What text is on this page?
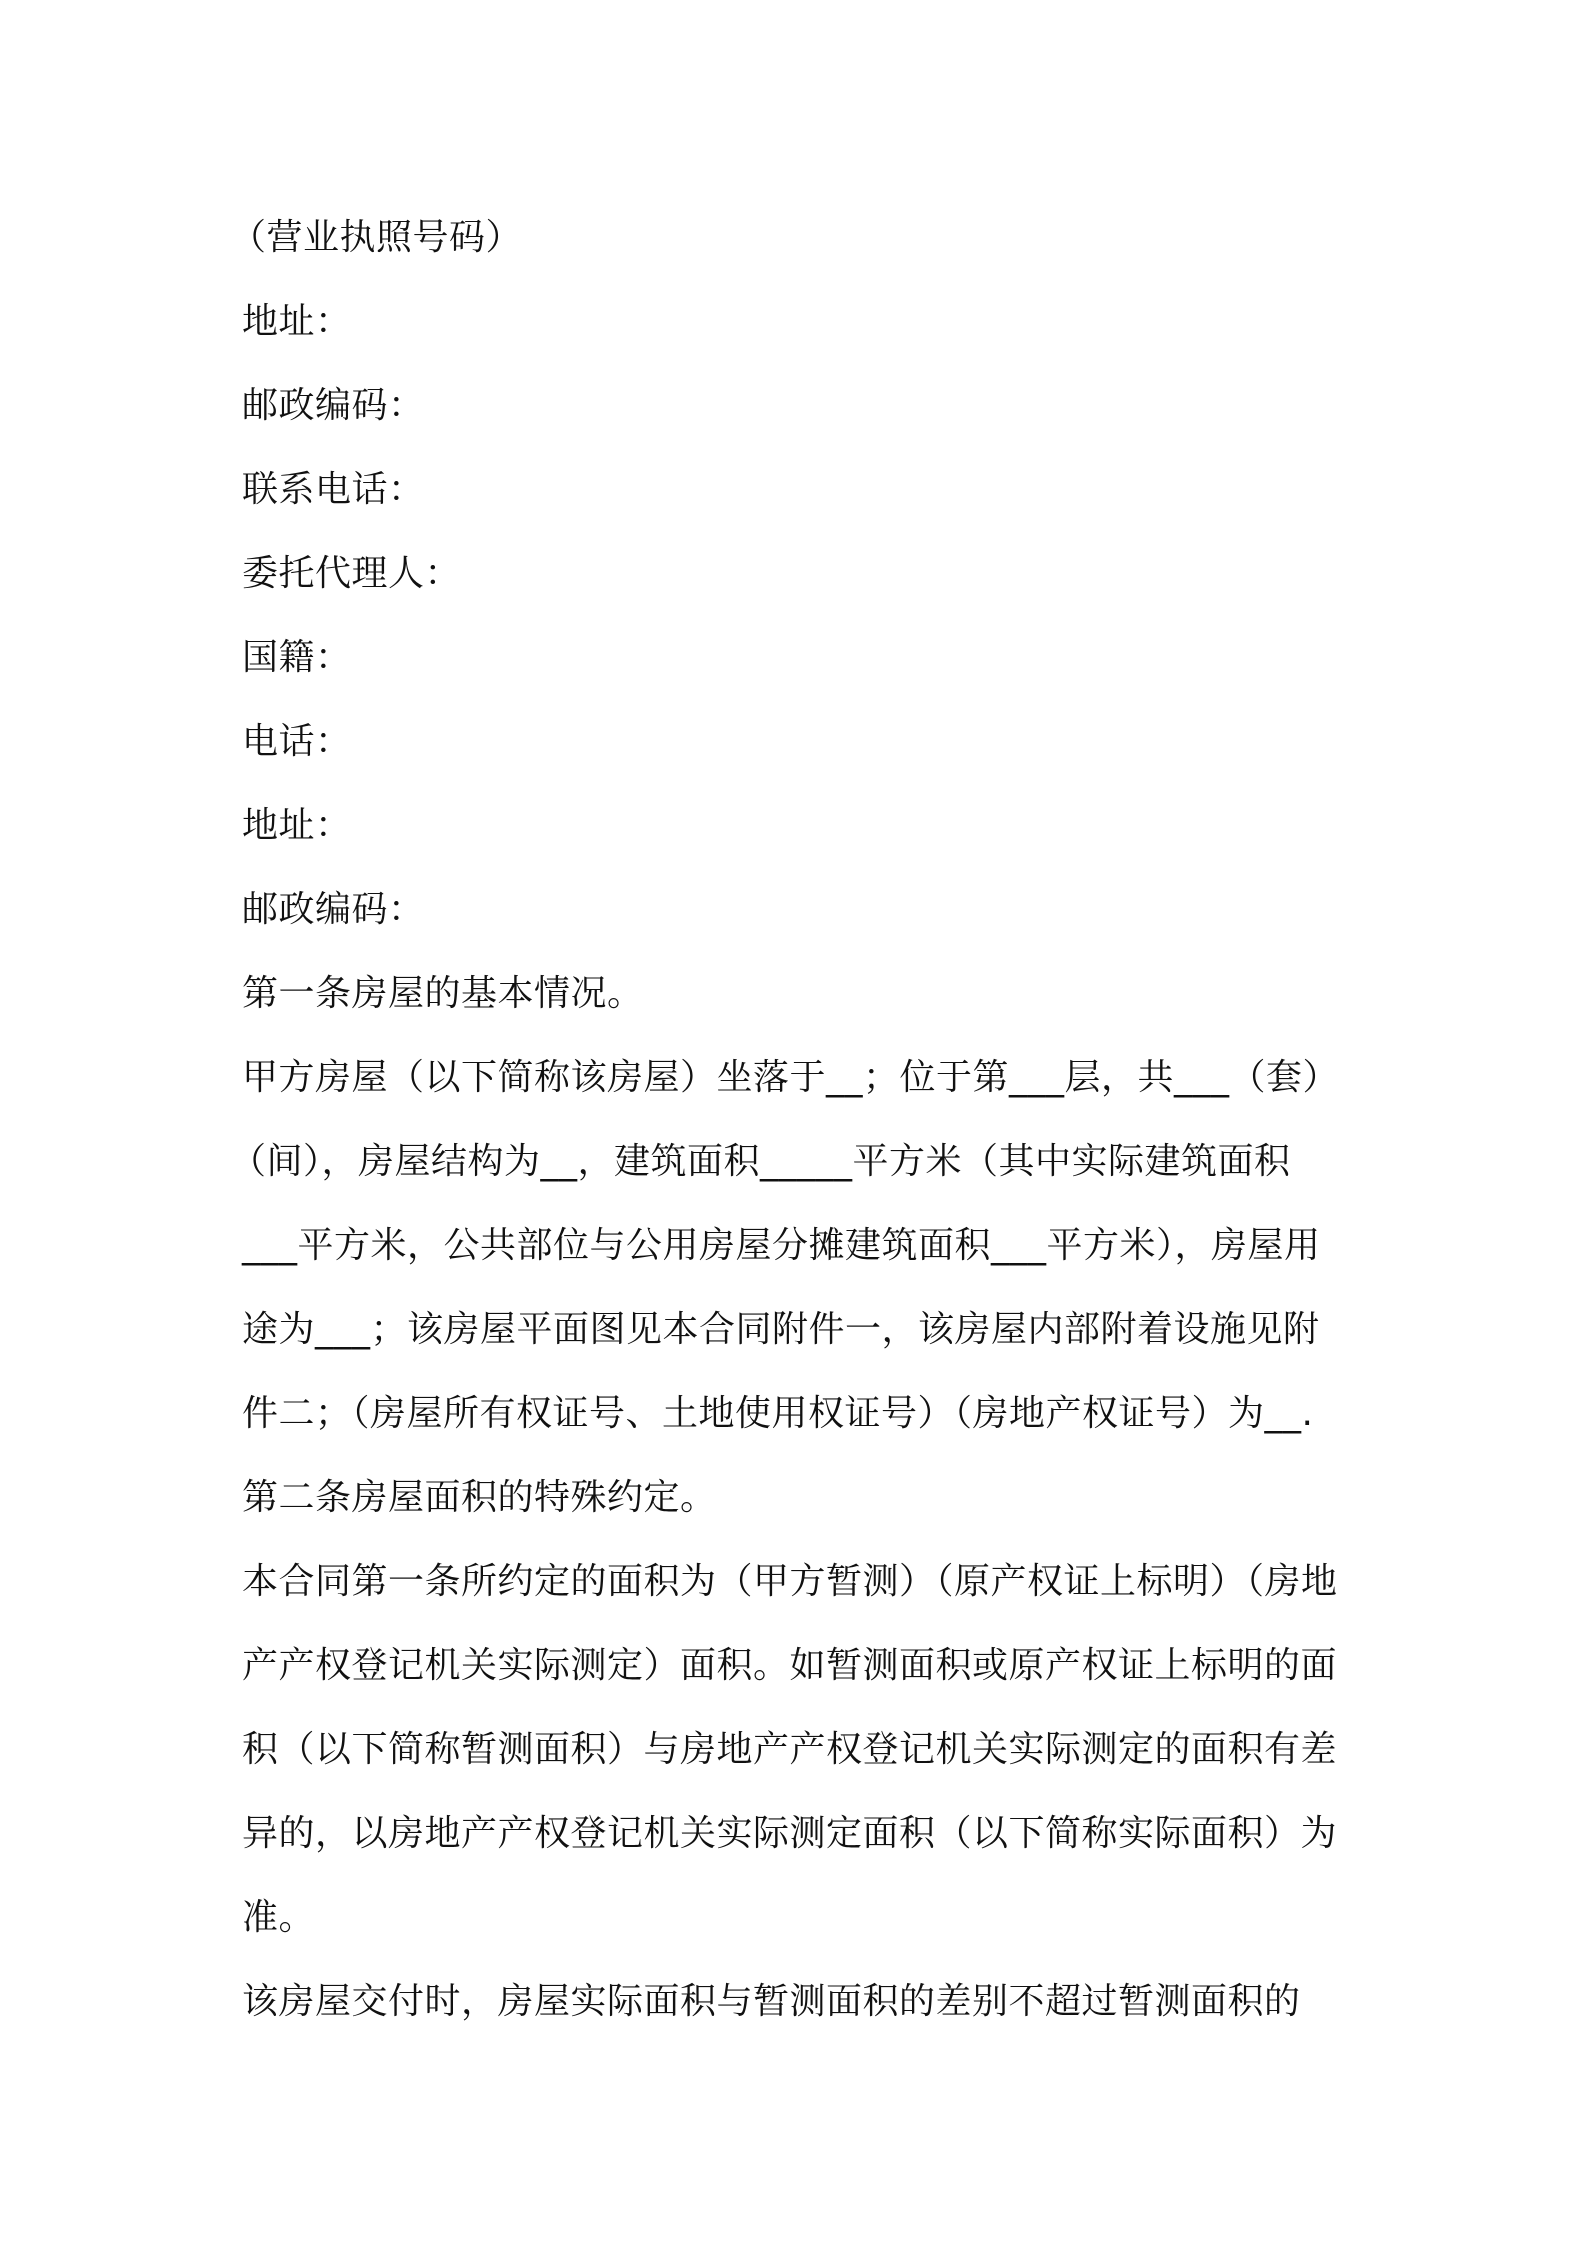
（营业执照号码）
地址：
邮政编码：
联系电话：
委托代理人：
国籍：
电话：
地址：
邮政编码：
第一条房屋的基本情况。
甲方房屋（以下简称该房屋）坐落于__；位于第___层，共___（套）
（间），房屋结构为__，建筑面积_____平方米（其中实际建筑面积
___平方米，公共部位与公用房屋分摊建筑面积___平方米），房屋用
途为___；该房屋平面图见本合同附件一，该房屋内部附着设施见附
件二；（房屋所有权证号、土地使用权证号）（房地产权证号）为__.
第二条房屋面积的特殊约定。
本合同第一条所约定的面积为（甲方暂测）（原产权证上标明）（房地
产产权登记机关实际测定）面积。如暂测面积或原产权证上标明的面
积（以下简称暂测面积）与房地产产权登记机关实际测定的面积有差
异的，以房地产产权登记机关实际测定面积（以下简称实际面积）为
准。
该房屋交付时，房屋实际面积与暂测面积的差别不超过暂测面积的
